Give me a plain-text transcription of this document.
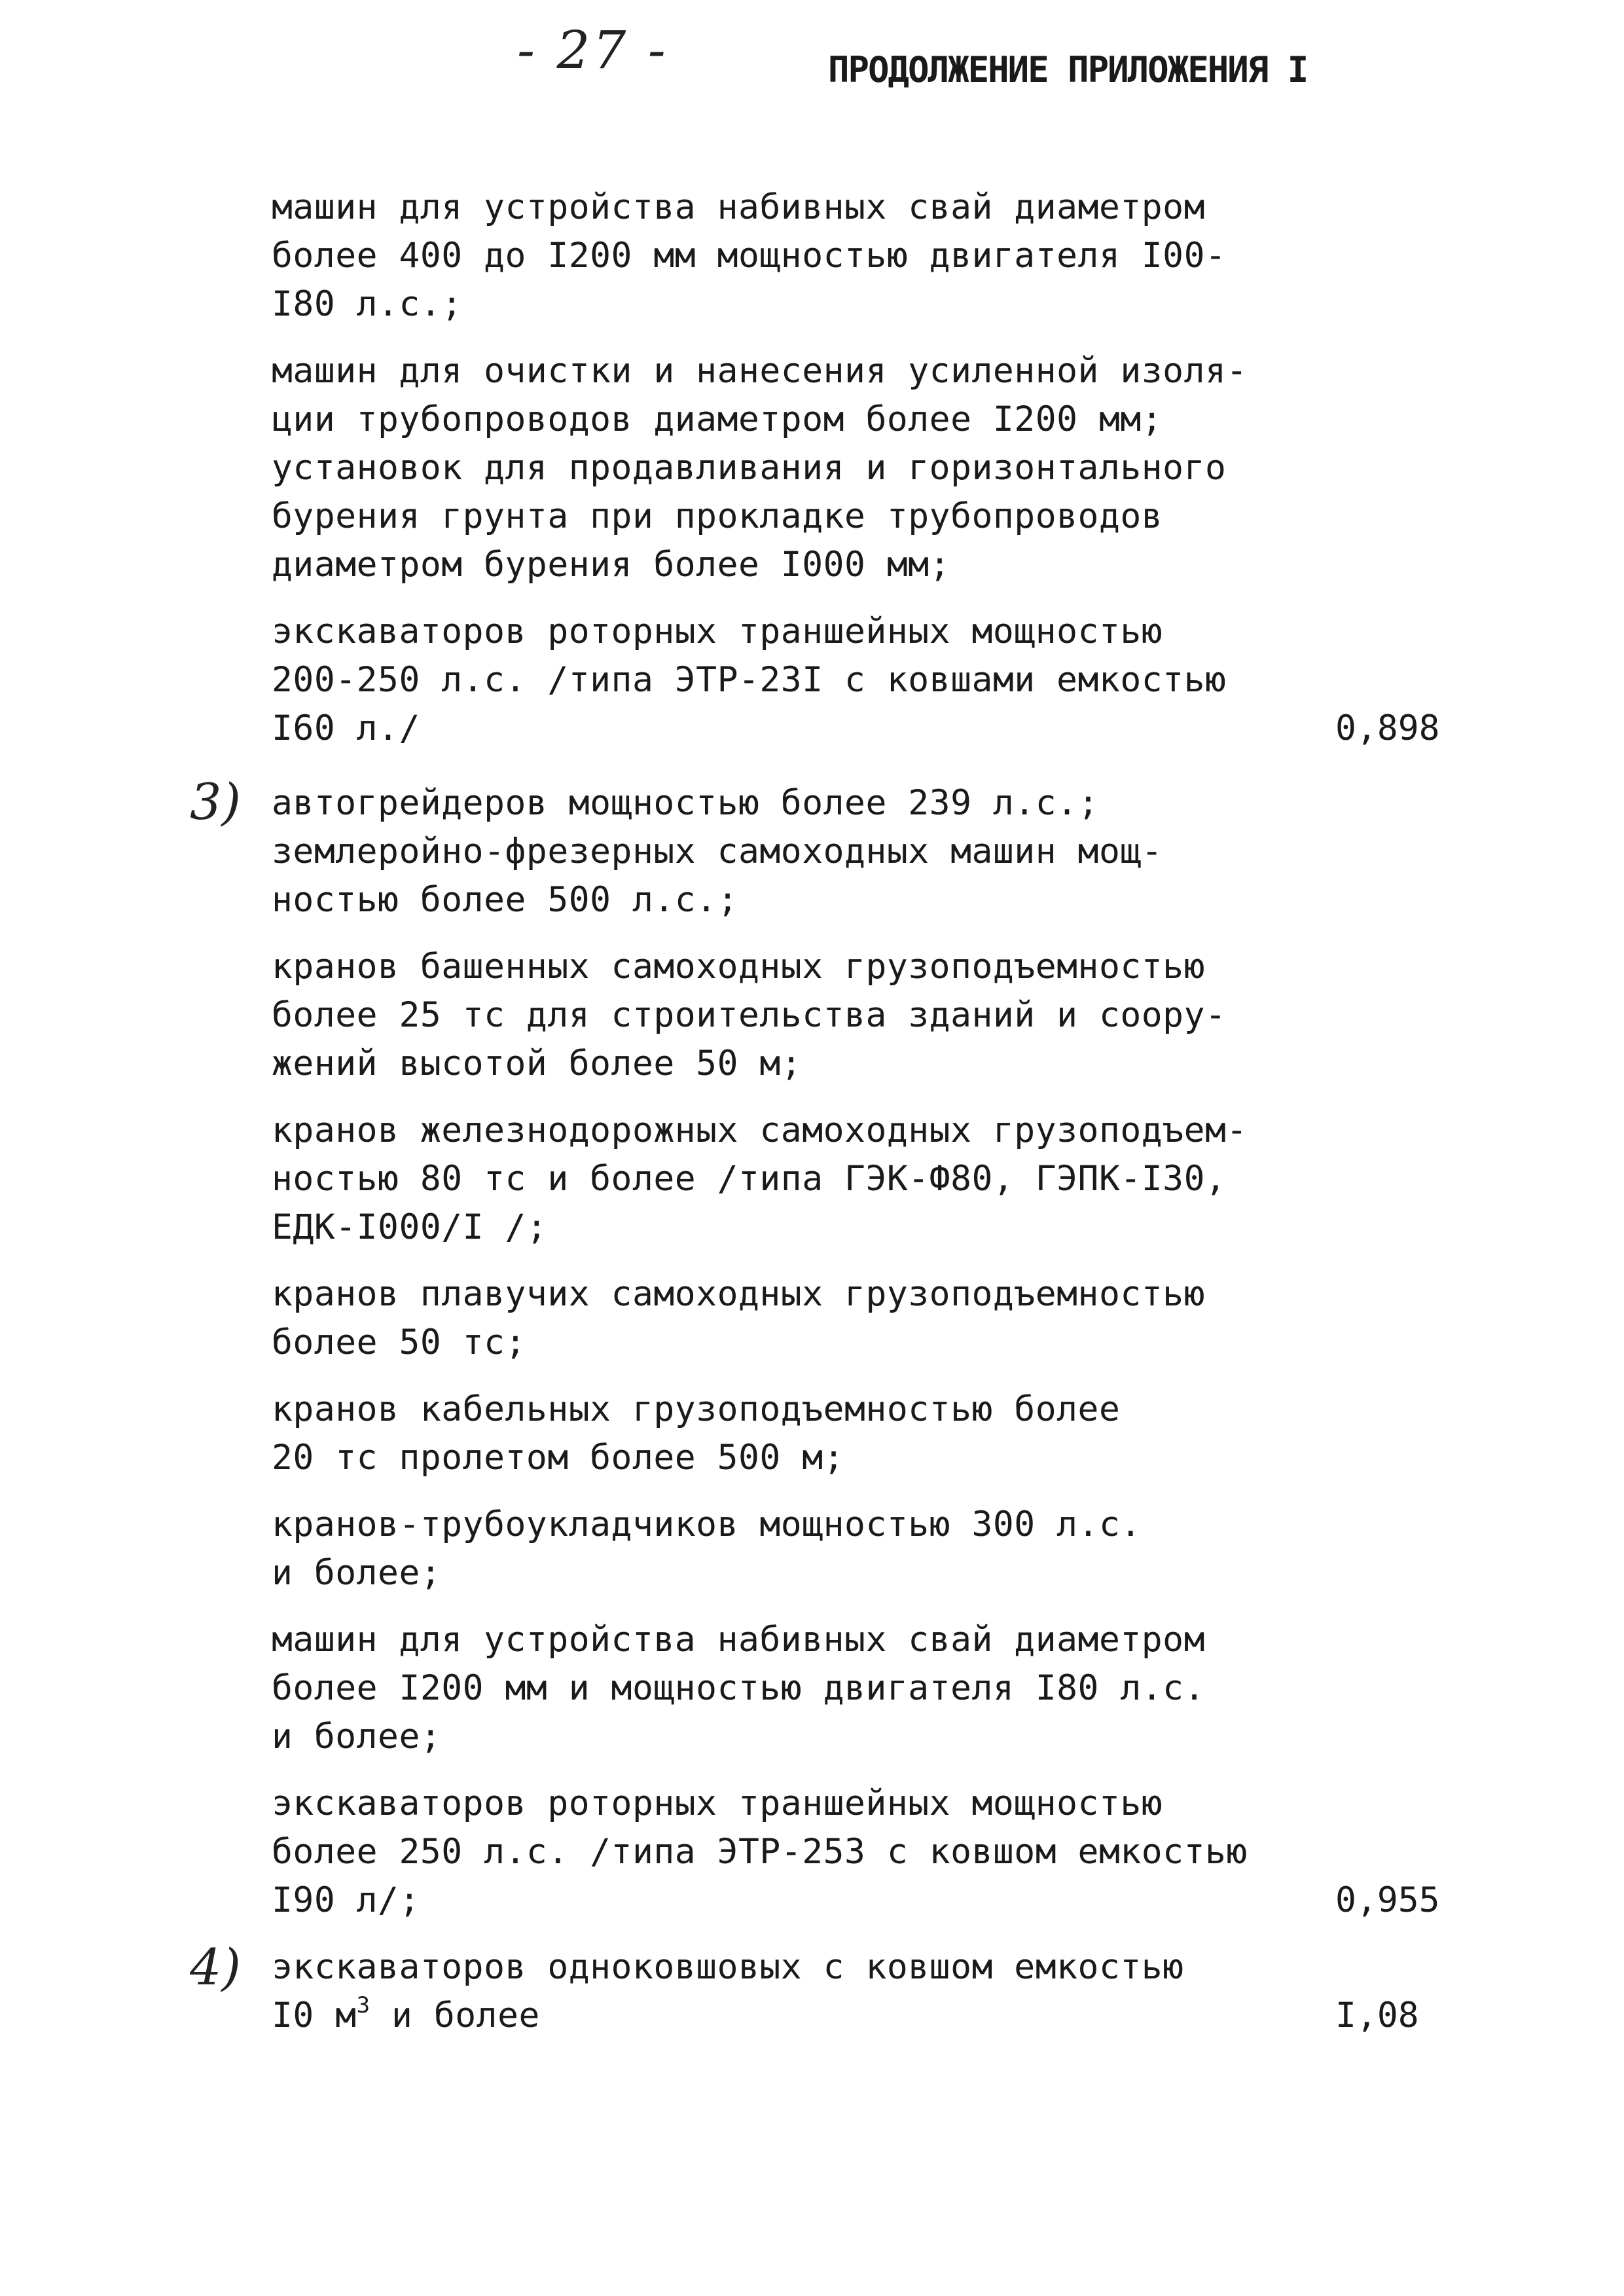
- 27 -	ПРОДОЛЖЕНИЕ ПРИЛОЖЕНИЯ I
машин для устройства набивных свай диаметром
более 400 до I200 мм мощностью двигателя I00-
I80 л.с.;
машин для очистки и нанесения усиленной изоля-
ции трубопроводов диаметром более I200 мм;
установок для продавливания и горизонтального
бурения грунта при прокладке трубопроводов
диаметром бурения более I000 мм;
экскаваторов роторных траншейных мощностью
200-250 л.с. /типа ЭТР-23I с ковшами емкостью
I60 л./	0,898
3) автогрейдеров мощностью более 239 л.с.;
землеройно-фрезерных самоходных машин мощ-
ностью более 500 л.с.;
кранов башенных самоходных грузоподъемностью
более 25 тс для строительства зданий и соору-
жений высотой более 50 м;
кранов железнодорожных самоходных грузоподъем-
ностью 80 тс и более /типа ГЭК-Ф80, ГЭПК-I30,
ЕДК-I000/I /;
кранов плавучих самоходных грузоподъемностью
более 50 тс;
кранов кабельных грузоподъемностью более
20 тс пролетом более 500 м;
кранов-трубоукладчиков мощностью 300 л.с.
и более;
машин для устройства набивных свай диаметром
более I200 мм и мощностью двигателя I80 л.с.
и более;
экскаваторов роторных траншейных мощностью
более 250 л.с. /типа ЭТР-253 с ковшом емкостью
I90 л/;	0,955
4) экскаваторов одноковшовых с ковшом емкостью
I0 $м^3$ и более	I,08
